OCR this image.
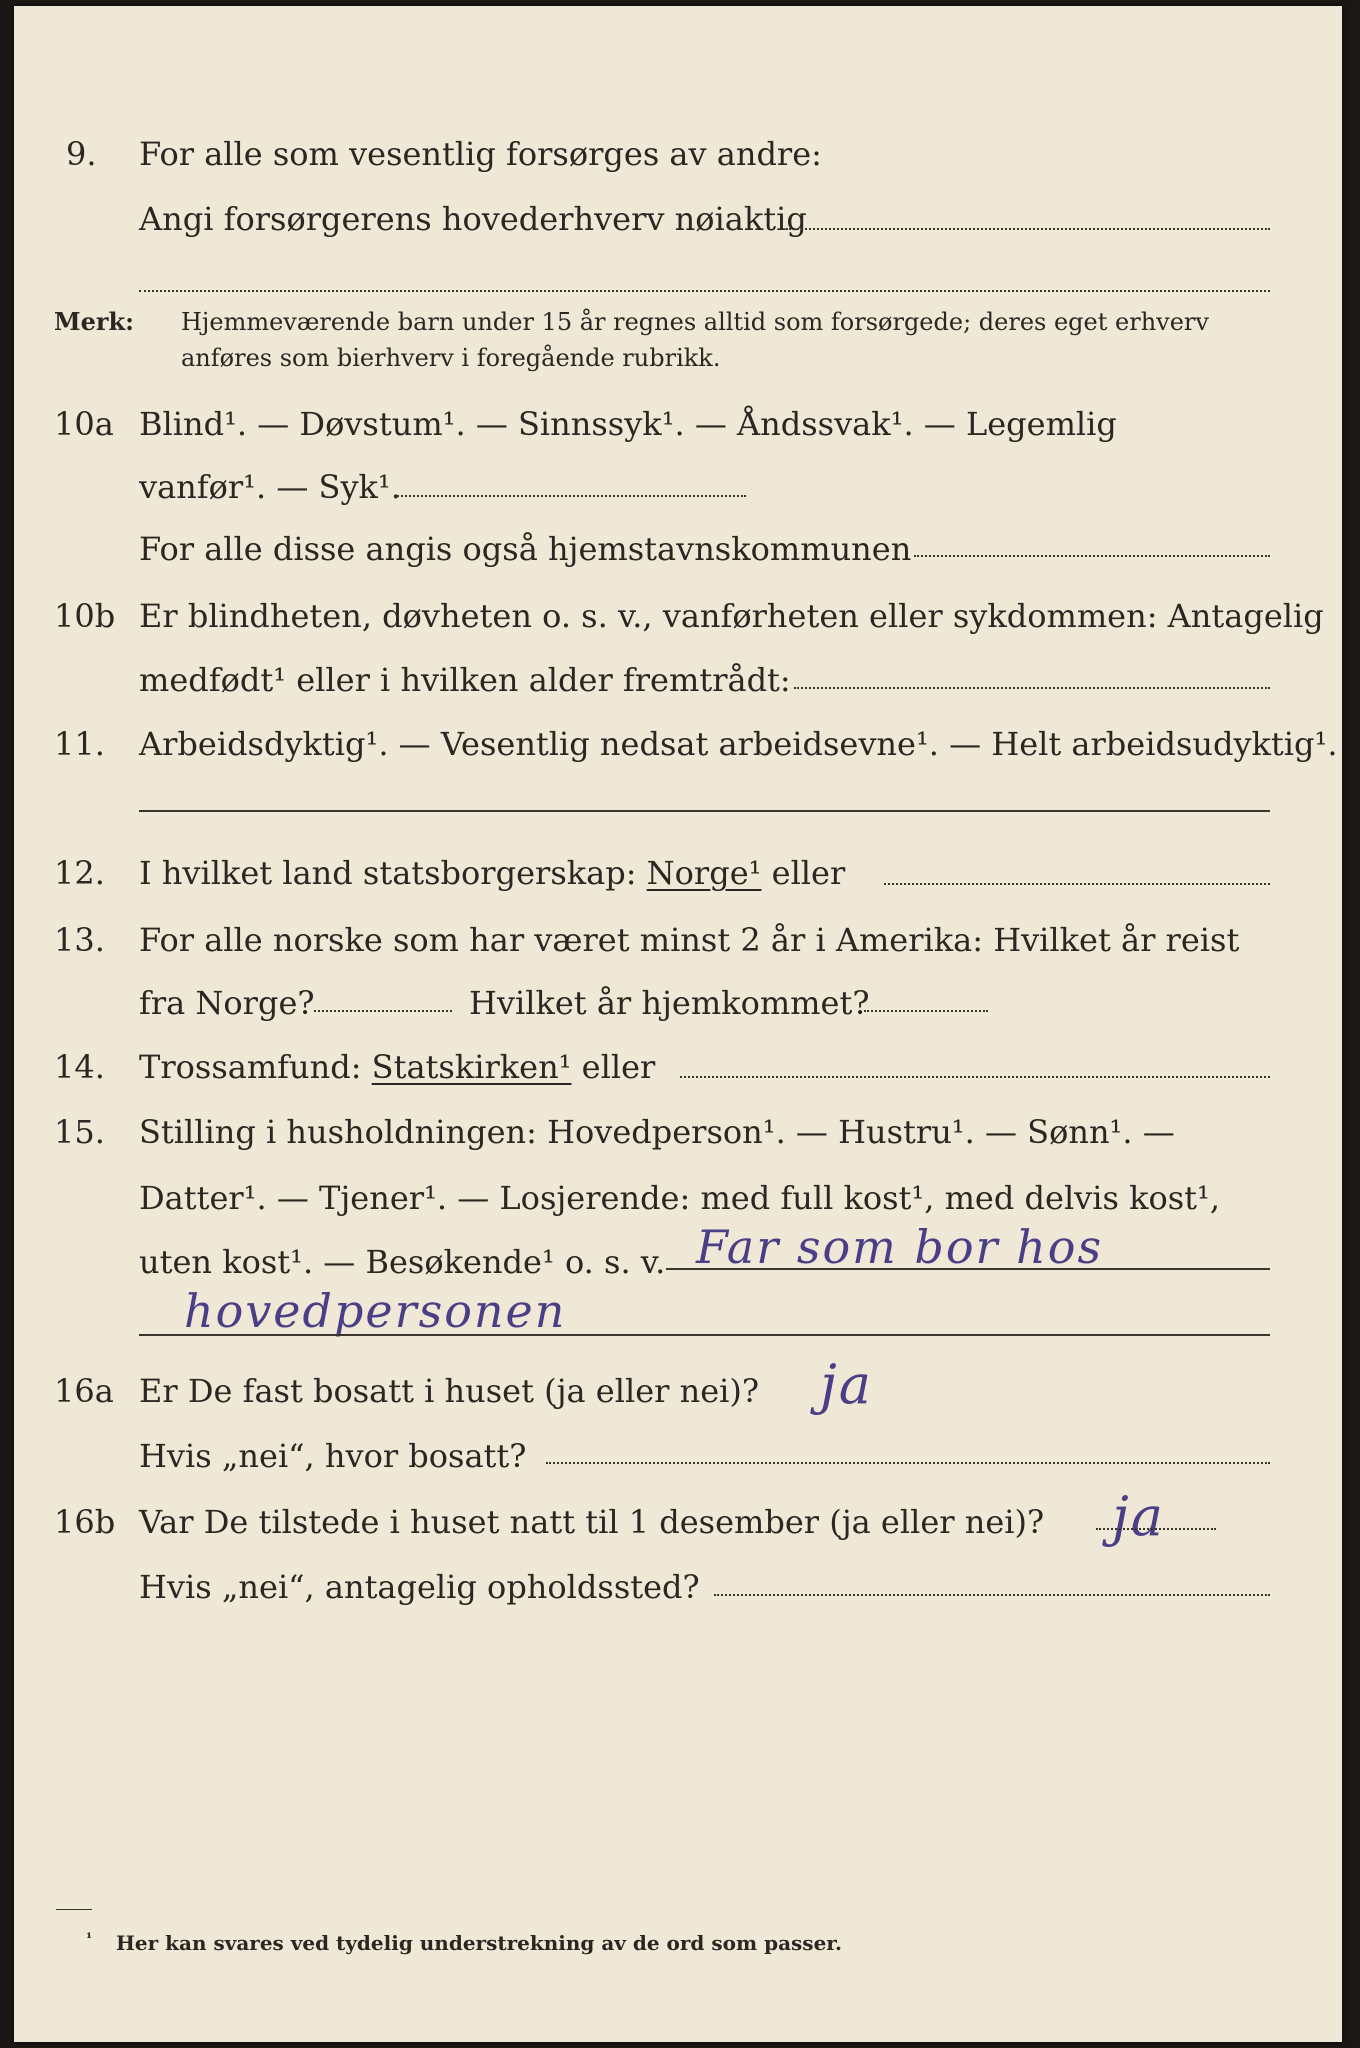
9. For alle som vesentlig forsørges av andre:
Angi forsørgerens hovederhverv nøiaktig
Merk: Hjemmeværende barn under 15 år regnes alltid som forsørgede; deres eget erhverv
anføres som bierhverv i foregående rubrikk.
10a Blind¹. — Døvstum¹. — Sinnssyk¹. — Åndssvak¹. — Legemlig
vanfør¹. — Syk¹.
For alle disse angis også hjemstavnskommunen
10b Er blindheten, døvheten o. s. v., vanførheten eller sykdommen: Antagelig
medfødt¹ eller i hvilken alder fremtrådt:
11. Arbeidsdyktig¹. — Vesentlig nedsat arbeidsevne¹. — Helt arbeidsudyktig¹.
12. I hvilket land statsborgerskap: Norge¹ eller
13. For alle norske som har været minst 2 år i Amerika: Hvilket år reist
fra Norge?	Hvilket år hjemkommet?
14. Trossamfund: Statskirken¹ eller
15. Stilling i husholdningen: Hovedperson¹. — Hustru¹. — Sønn¹. —
Datter¹. — Tjener¹. — Losjerende: med full kost¹, med delvis kost¹,
uten kost¹. — Besøkende¹ o. s. v. Far som bor hos
hovedpersonen
16a Er De fast bosatt i huset (ja eller nei)? ja
Hvis „nei“, hvor bosatt?
16b Var De tilstede i huset natt til 1 desember (ja eller nei)? ja
Hvis „nei“, antagelig opholdssted?
¹ Her kan svares ved tydelig understrekning av de ord som passer.
